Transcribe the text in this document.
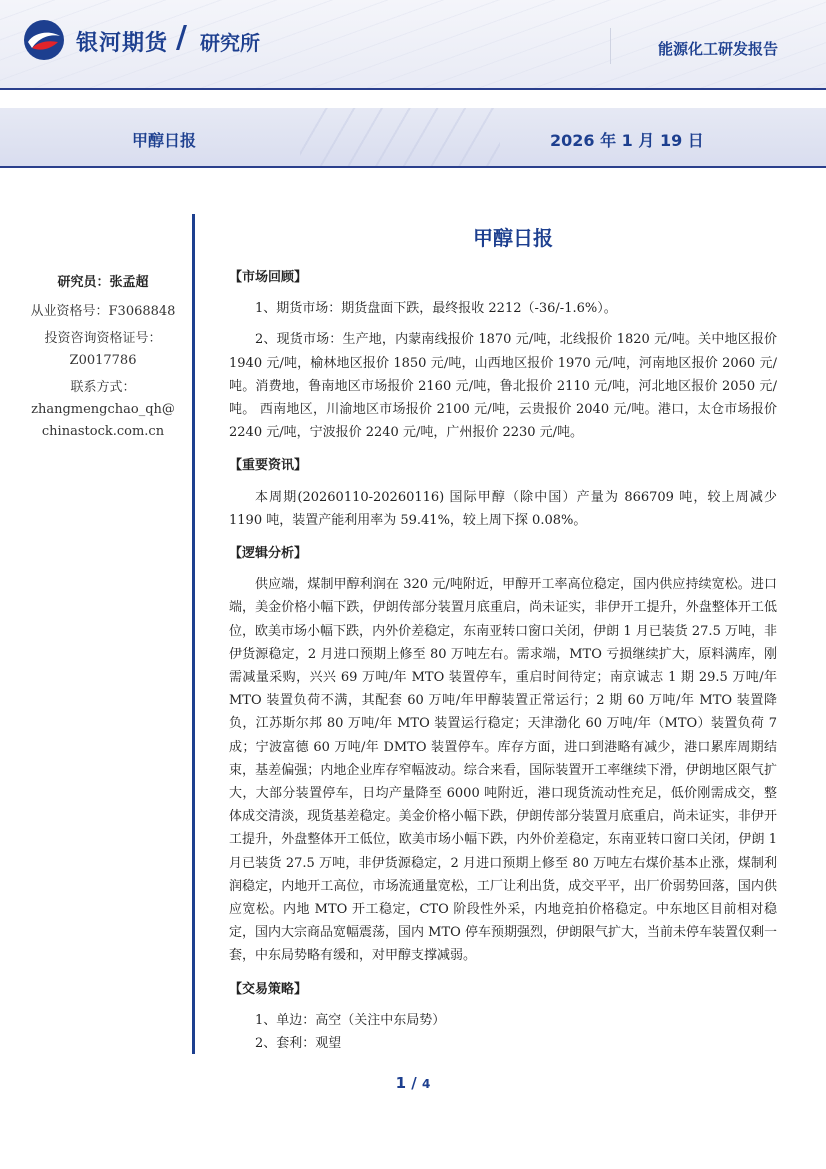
银河期货 / 研究所	能源化工研发报告
甲醇日报	2026 年 1 月 19 日
研究员：张孟超
从业资格号：F3068848
投资咨询资格证号：
Z0017786
联系方式：
zhangmengchao_qh@
chinastock.com.cn
甲醇日报
【市场回顾】

1、期货市场：期货盘面下跌，最终报收 2212（-36/-1.6%）。

2、现货市场：生产地，内蒙南线报价 1870 元/吨，北线报价 1820 元/吨。关中地区报价 1940 元/吨，榆林地区报价 1850 元/吨，山西地区报价 1970 元/吨，河南地区报价 2060 元/吨。消费地，鲁南地区市场报价 2160 元/吨，鲁北报价 2110 元/吨，河北地区报价 2050 元/吨。 西南地区，川渝地区市场报价 2100 元/吨，云贵报价 2040 元/吨。港口，太仓市场报价 2240 元/吨，宁波报价 2240 元/吨，广州报价 2230 元/吨。

【重要资讯】

本周期(20260110-20260116) 国际甲醇（除中国）产量为 866709 吨，较上周减少 1190 吨，装置产能利用率为 59.41%，较上周下探 0.08%。

【逻辑分析】

供应端，煤制甲醇利润在 320 元/吨附近，甲醇开工率高位稳定，国内供应持续宽松。进口端，美金价格小幅下跌，伊朗传部分装置月底重启，尚未证实，非伊开工提升，外盘整体开工低位，欧美市场小幅下跌，内外价差稳定，东南亚转口窗口关闭，伊朗 1 月已装货 27.5 万吨，非伊货源稳定，2 月进口预期上修至 80 万吨左右。需求端，MTO 亏损继续扩大，原料满库，刚需减量采购，兴兴 69 万吨/年 MTO 装置停车，重启时间待定；南京诚志 1 期 29.5 万吨/年 MTO 装置负荷不满，其配套 60 万吨/年甲醇装置正常运行；2 期 60 万吨/年 MTO 装置降负，江苏斯尔邦 80 万吨/年 MTO 装置运行稳定；天津渤化 60 万吨/年（MTO）装置负荷 7 成；宁波富德 60 万吨/年 DMTO 装置停车。库存方面，进口到港略有减少，港口累库周期结束，基差偏强；内地企业库存窄幅波动。综合来看，国际装置开工率继续下滑，伊朗地区限气扩大，大部分装置停车，日均产量降至 6000 吨附近，港口现货流动性充足，低价刚需成交，整体成交清淡，现货基差稳定。美金价格小幅下跌，伊朗传部分装置月底重启，尚未证实，非伊开工提升，外盘整体开工低位，欧美市场小幅下跌，内外价差稳定，东南亚转口窗口关闭，伊朗 1 月已装货 27.5 万吨，非伊货源稳定，2 月进口预期上修至 80 万吨左右煤价基本止涨，煤制利润稳定，内地开工高位，市场流通量宽松，工厂让利出货，成交平平，出厂价弱势回落，国内供应宽松。内地 MTO 开工稳定，CTO 阶段性外采，内地竞拍价格稳定。中东地区目前相对稳定，国内大宗商品宽幅震荡，国内 MTO 停车预期强烈，伊朗限气扩大，当前未停车装置仅剩一套，中东局势略有缓和，对甲醇支撑减弱。

【交易策略】

1、单边：高空（关注中东局势）

2、套利：观望

1 / 4
